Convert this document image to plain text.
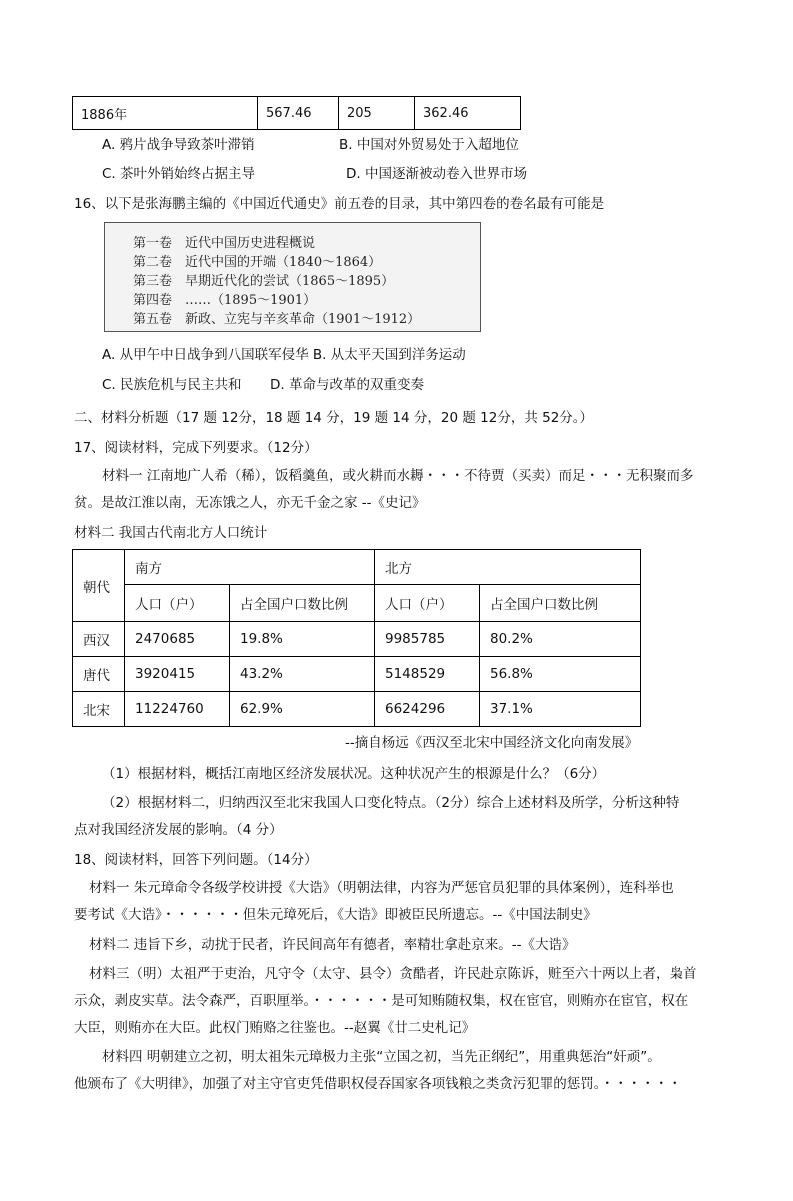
1886年	567.46	205	362.46
A. 鸦片战争导致茶叶滞销	B. 中国对外贸易处于入超地位
C. 茶叶外销始终占据主导	D. 中国逐渐被动卷入世界市场
16、以下是张海鹏主编的《中国近代通史》前五卷的目录，其中第四卷的卷名最有可能是
第一卷　近代中国历史进程概说
第二卷　近代中国的开端（1840～1864）
第三卷　早期近代化的尝试（1865～1895）
第四卷　……（1895～1901）
第五卷　新政、立宪与辛亥革命（1901～1912）
A. 从甲午中日战争到八国联军侵华 B. 从太平天国到洋务运动
C. 民族危机与民主共和 D. 革命与改革的双重变奏
二、材料分析题（17 题 12分，18 题 14 分，19 题 14 分，20 题 12分，共 52分。）
17、阅读材料，完成下列要求。（12分）
材料一 江南地广人希（稀），饭稻羹鱼，或火耕而水耨・・・不待贾（买卖）而足・・・无积聚而多
贫。是故江淮以南，无冻饿之人，亦无千金之家 --《史记》
材料二 我国古代南北方人口统计
朝代	南方		北方	
	人口（户）	占全国户口数比例	人口（户）	占全国户口数比例
西汉	2470685	19.8%	9985785	80.2%
唐代	3920415	43.2%	5148529	56.8%
北宋	11224760	62.9%	6624296	37.1%
--摘自杨远《西汉至北宋中国经济文化向南发展》
（1）根据材料，概括江南地区经济发展状况。这种状况产生的根源是什么？（6分）
（2）根据材料二，归纳西汉至北宋我国人口变化特点。（2分）综合上述材料及所学，分析这种特
点对我国经济发展的影响。（4 分）
18、阅读材料，回答下列问题。（14分）
材料一 朱元璋命令各级学校讲授《大诰》（明朝法律，内容为严惩官员犯罪的具体案例），连科举也
要考试《大诰》・・・・・・但朱元璋死后，《大诰》即被臣民所遗忘。--《中国法制史》
材料二 违旨下乡，动扰于民者，许民间高年有德者，率精壮拿赴京来。--《大诰》
材料三（明）太祖严于吏治，凡守令（太守、县令）贪酷者，许民赴京陈诉，赃至六十两以上者，枭首
示众，剥皮实草。法令森严，百职厘举。・・・・・・是可知贿随权集，权在宦官，则贿亦在宦官，权在
大臣，则贿亦在大臣。此权门贿赂之往鉴也。--赵翼《廿二史札记》
材料四 明朝建立之初，明太祖朱元璋极力主张“立国之初，当先正纲纪”，用重典惩治“奸顽”。
他颁布了《大明律》，加强了对主守官吏凭借职权侵吞国家各项钱粮之类贪污犯罪的惩罚。・・・・・・
